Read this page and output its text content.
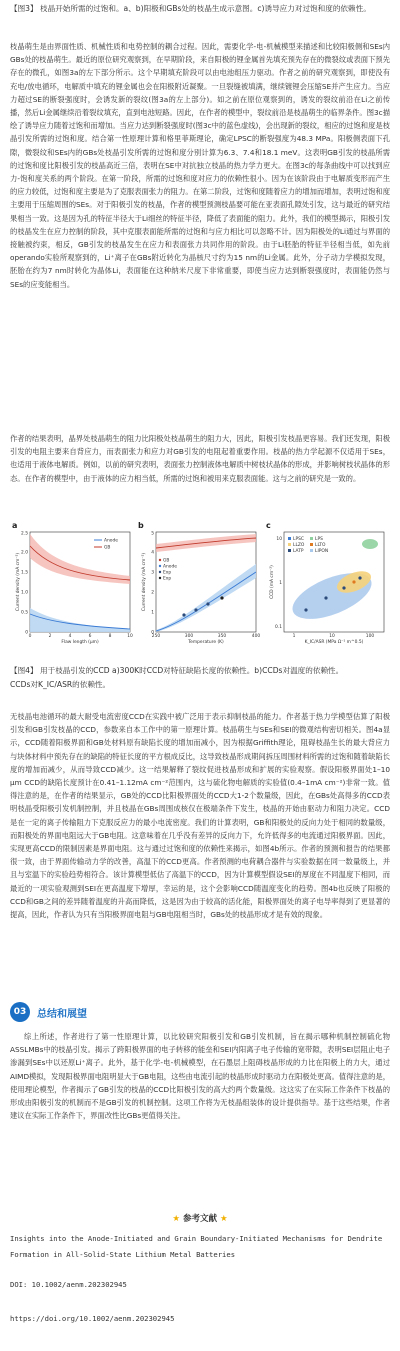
【图3】 枝晶开始所需的过饱和。a、b)阳极和GBs处的枝晶生成示意图。c)诱导应力对过饱和度的依赖性。

枝晶萌生是由界面性质、机械性质和电势控制的耦合过程。因此，需要化学-电-机械模型来描述和比较阳极侧和SEs内GBs处的枝晶萌生。最近的原位研究观察到，在早期阶段，来自阳极的锂金属首先填充预先存在的微裂纹或表面下预先存在的微孔，如图3a的左下部分所示。这个早期填充阶段可以由电池组压力驱动。作者之前的研究观察到，即使没有充电/放电循环，电解质中填充的锂金属也会在阳极附近凝聚。一旦裂缝被填满，继续镀锂会压缩SE并产生应力。当应力超过SE的断裂强度时，会诱发新的裂纹(图3a的左上部分)。如之前在原位观察到的，诱发的裂纹前沿在Li之前传播，然后Li金属继续沿着裂纹填充，直到电池短路。因此，在作者的模型中，裂纹前沿是枝晶萌生的临界条件。图3c描绘了诱导应力随着过饱和而增加。当应力达到断裂强度时(图3c中的蓝色虚线)，会出现新的裂纹，相应的过饱和度是枝晶引发所需的过饱和度。结合第一性原理计算和格里菲斯理论，确定LPSC的断裂强度为48.3 MPa。阳极侧表面下孔隙，微裂纹和SEs内的GBs处枝晶引发所需的过饱和度分别计算为6.3、7.4和18.1 meV。这表明GB引发的枝晶所需的过饱和度比阳极引发的枝晶高近三倍，表明在SE中对抗独立枝晶的热力学力更大。在图3c的每条曲线中可以找到应力-饱和度关系的两个阶段。在第一阶段，所需的过饱和度对应力的依赖性很小。因为在该阶段由于电解质变形而产生的应力较低，过饱和度主要是为了克服表面张力的阻力。在第二阶段，过饱和度随着应力的增加而增加，表明过饱和度主要用于压缩周围的SEs。对于阳极引发的枝晶，作者的模型预测枝晶要可能在亚表面孔隙处引发，这与最近的研究结果相当一致。这是因为孔的特征半径大于Li细丝的特征半径，降低了表面能的阻力。此外，我们的模型揭示，阳极引发的枝晶发生在应力控制的阶段，其中克服表面能所需的过饱和与应力相比可以忽略不计。因为阳极处的Li通过与界面的接触被约束，相反，GB引发的枝晶发生在应力和表面张力共同作用的阶段。由于Li胚胎的特征半径相当低，如先前operando实验所观察到的，Li⁺离子在GBs附近转化为晶核尺寸约为15 nm的Li金属。此外，分子动力学模拟发现，胚胎在约为7 nm时转化为晶体Li，表面能在这种纳米尺度下非常重要，即使当应力达到断裂强度时，表面能仍然与SEs的应变能相当。

作者的结果表明，晶界处枝晶萌生的阻力比阳极处枝晶萌生的阻力大，因此，阳极引发枝晶更容易。我们还发现，阳极引发的电阻主要来自背应力，而表面张力和应力对GB引发的电阻起着重要作用。枝晶的热力学起源不仅适用于SEs，也适用于液体电解质。例如，以前的研究表明，表面张力控制液体电解质中树枝状晶体的形成，并影响树枝状晶体的形态。在作者的模型中，由于液体的应力相当低，所需的过饱和被用来克服表面能。这与之前的研究是一致的。

a
Anode
GB
Flaw length (µm)
Current density (mA cm⁻²)
0	2	4	6	8	10
0
0.5
1.0
1.5
2.0
2.5
b
GB
Anode
Exp
Exp
Temperature (K)
Current density (mA cm⁻²)
250	300	350	400
0
1
2
3
4
5
c
LPSC	LPS
LLZO LLTO
LATP	LIPON
K_IC/ASR (MPa Ω⁻¹ m^0.5)
CCD (mA cm⁻²)
1	10	100
0.1
1
10

【图4】 用于枝晶引发的CCD a)300K时CCD对特征缺陷长度的依赖性。b)CCDs对温度的依赖性。

CCDs对K_IC/ASR的依赖性。

无枝晶电池循环的最大耐受电流密度CCD在实践中被广泛用于表示抑制枝晶的能力。作者基于热力学模型估算了阳极引发和GB引发枝晶的CCD，参数来自本工作中的第一原理计算。枝晶萌生与SEs和SEI的微观结构密切相关。图4a显示，CCD随着阳极界面和GB处材料原有缺陷长度的增加而减小，因为根据Griffith理论，阻碍枝晶生长的最大背应力与块体材料中预先存在的缺陷的特征长度的平方根成反比，这导致枝晶形成期间拆压周围材料所需的过饱和随着缺陷长度的增加而减少，从而导致CCD减少。这一结果解释了裂纹促进枝晶形成和扩展的实验观察。假设阳极界面处1–10 µm CCD的缺陷长度预计在0.41–1.12mA cm⁻²范围内，这与硫化物电解质的实验值(0.4–1mA cm⁻²)非常一致。值得注意的是，在作者的结果显示，GB处的CCD比阳极界面处的CCD大1-2个数量级，因此，在GBs处高得多的CCD表明枝晶受阳极引发机制控制，并且枝晶在GBs周围成核仅在极端条件下发生，枝晶的开始由驱动力和阻力决定。CCD是在一定的离子传输阻力下克服反应力的最小电流密度。我们的计算表明，GB和阳极处的反向力处于相同的数量级，而阳极处的界面电阻远大于GB电阻。这意味着在几乎没有差异的反向力下，允许低得多的电流通过阳极界面。因此，实现更高CCD的限制因素是界面电阻。这与通过过饱和度的依赖性来揭示，如图4b所示。作者的预测和报告的结果都很一致，由于界面传输动力学的改善，高温下的CCD更高。作者预测的电荷耦合器件与实验数据在同一数量级上，并且与室温下的实验趋势相符合。该计算模型低估了高温下的CCD，因为计算模型假设SEI的厚度在不同温度下相同，而最近的一项实验观测到SEI在更高温度下增厚，幸运的是，这个会影响CCD随温度变化的趋势。图4b也反映了阳极的CCD和GB之间的差异随着温度的升高而降低，这是因为由于较高的活化能，阳极界面处的离子电导率得到了更显著的提高，因此，作者认为只有当阳极界面电阻与GB电阻相当时，GBs处的枝晶形成才是有效的现象。

03	总结和展望

综上所述，作者进行了第一性原理计算，以比较研究阳极引发和GB引发机制，旨在揭示哪种机制控制硫化物ASSLMBs中的枝晶引发。揭示了跨阳极界面的电子转移的能垒和SEI内阳离子电子传输的宽带隙，表明SEI层阻止电子渗漏到SEs中以还原Li⁺离子。此外，基于化学-电-机械模型，在石墨层上阻碍枝晶形成的力比在阳极上的力大，通过AIMD模拟，发现阳极界面电阻明显大于GB电阻，这些由电流引起的枝晶形成时驱动力在阳极处更高。值得注意的是，使用理论模型，作者揭示了GB引发的枝晶的CCD比阳极引发的高大约两个数量级。这这实了在实际工作条件下枝晶的形成由阳极引发的机制而不是GB引发的机制控制。这项工作将为无枝晶组装体的设计提供指导。基于这些结果，作者建议在实际工作条件下，界面改性比GBs更值得关注。

★ 参考文献 ★

Insights into the Anode-Initiated and Grain Boundary-Initiated Mechanisms for Dendrite

Formation in All-Solid-State Lithium Metal Batteries

DOI: 10.1002/aenm.202302945

https://doi.org/10.1002/aenm.202302945
